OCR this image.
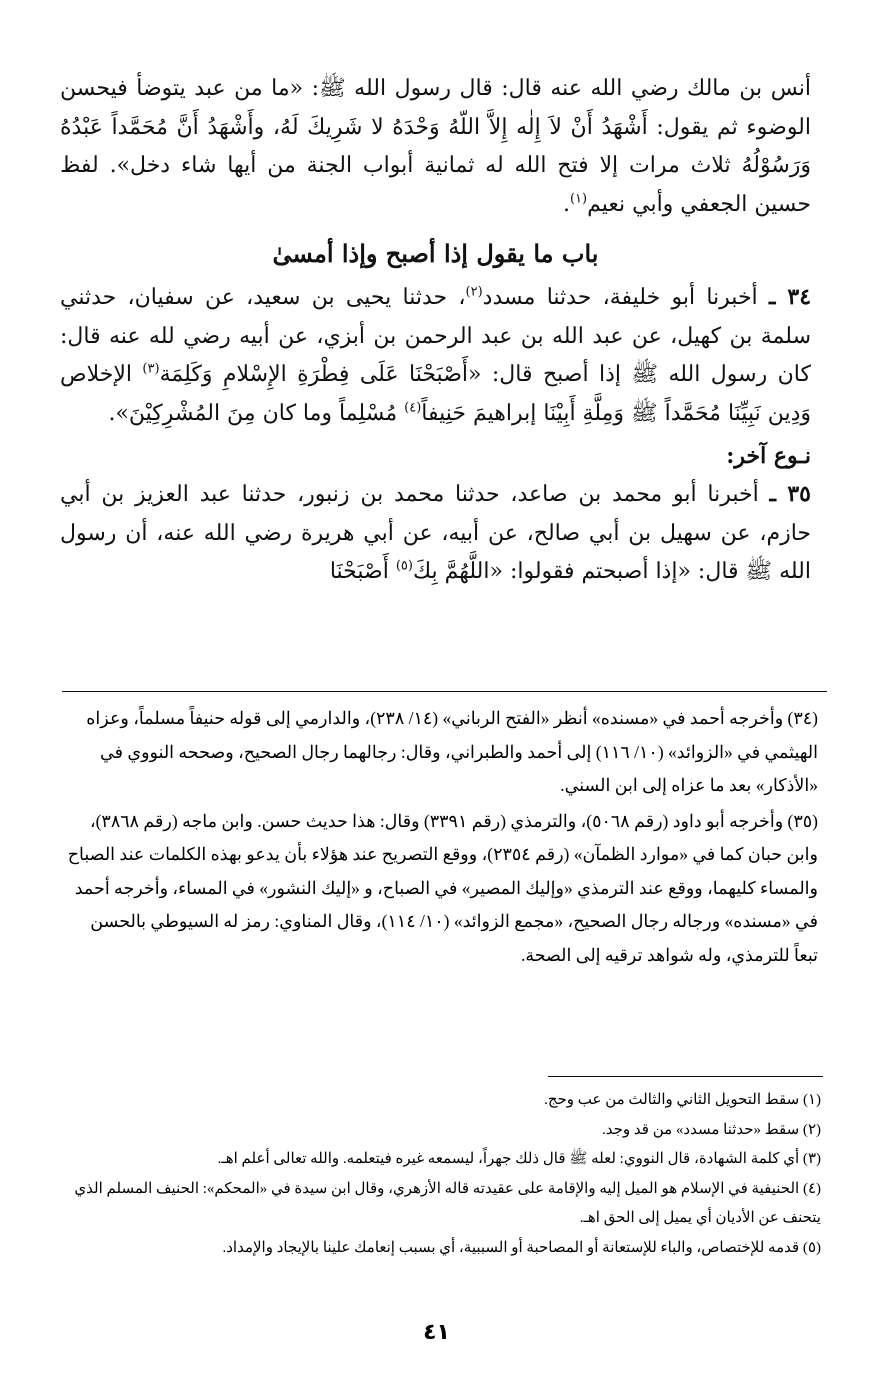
أنس بن مالك رضي الله عنه قال: قال رسول الله ﷺ: «ما من عبد يتوضأ فيحسن الوضوء ثم يقول: أَشْهَدُ أَنْ لاَ إِلٰه إِلاَّ اللّهُ وَحْدَهُ لا شَرِيكَ لَهُ، وأَشْهَدُ أَنَّ مُحَمَّداً عَبْدُهُ وَرَسُوْلُهُ ثلاث مرات إلا فتح الله له ثمانية أبواب الجنة من أيها شاء دخل». لفظ حسين الجعفي وأبي نعيم$^{(١)}$.

باب ما يقول إذا أصبح وإذا أمسىٰ

٣٤ ـ أخبرنا أبو خليفة، حدثنا مسدد$^{(٢)}$، حدثنا يحيى بن سعيد، عن سفيان، حدثني سلمة بن كهيل، عن عبد الله بن عبد الرحمن بن أبزي، عن أبيه رضي لله عنه قال: كان رسول الله ﷺ إذا أصبح قال: «أَصْبَحْنَا عَلَى فِطْرَةِ الإِسْلامِ وَكَلِمَة$^{(٣)}$ الإخلاص وَدِين نَبِيِّنَا مُحَمَّداً ﷺ وَمِلَّةِ أَبِيْنَا إبراهيمَ حَنِيفاً$^{(٤)}$ مُسْلِماً وما كان مِنَ المُشْرِكِيْنَ».

نـوع آخر:

٣٥ ـ أخبرنا أبو محمد بن صاعد، حدثنا محمد بن زنبور، حدثنا عبد العزيز بن أبي حازم، عن سهيل بن أبي صالح، عن أبيه، عن أبي هريرة رضي الله عنه، أن رسول الله ﷺ قال: «إذا أصبحتم فقولوا: «اللَّهُمَّ بِكَ$^{(٥)}$ أَصْبَحْنَا

(٣٤) وأخرجه أحمد في «مسنده» أنظر «الفتح الرباني» (١٤/ ٢٣٨)، والدارمي إلى قوله حنيفاً مسلماً، وعزاه الهيثمي في «الزوائد» (١٠/ ١١٦) إلى أحمد والطبراني، وقال: رجالهما رجال الصحيح، وصححه النووي في «الأذكار» بعد ما عزاه إلى ابن السني.

(٣٥) وأخرجه أبو داود (رقم ٥٠٦٨)، والترمذي (رقم ٣٣٩١) وقال: هذا حديث حسن. وابن ماجه (رقم ٣٨٦٨)، وابن حبان كما في «موارد الظمآن» (رقم ٢٣٥٤)، ووقع التصريح عند هؤلاء بأن يدعو بهذه الكلمات عند الصباح والمساء كليهما، ووقع عند الترمذي «وإليك المصير» في الصباح، و «إليك النشور» في المساء، وأخرجه أحمد في «مسنده» ورجاله رجال الصحيح، «مجمع الزوائد» (١٠/ ١١٤)، وقال المناوي: رمز له السيوطي بالحسن تبعاً للترمذي، وله شواهد ترقيه إلى الصحة.

(١) سقط التحويل الثاني والثالث من عب وحج.

(٢) سقط «حدثنا مسدد» من قد وجد.

(٣) أي كلمة الشهادة، قال النووي: لعله ﷺ قال ذلك جهراً، ليسمعه غيره فيتعلمه. والله تعالى أعلم اهـ.

(٤) الحنيفية في الإسلام هو الميل إليه والإقامة على عقيدته قاله الأزهري، وقال ابن سيدة في «المحكم»: الحنيف المسلم الذي يتحنف عن الأديان أي يميل إلى الحق اهـ.

(٥) قدمه للإختصاص، والباء للإستعانة أو المصاحبة أو السببية، أي بسبب إنعامك علينا بالإيجاد والإمداد.

٤١
